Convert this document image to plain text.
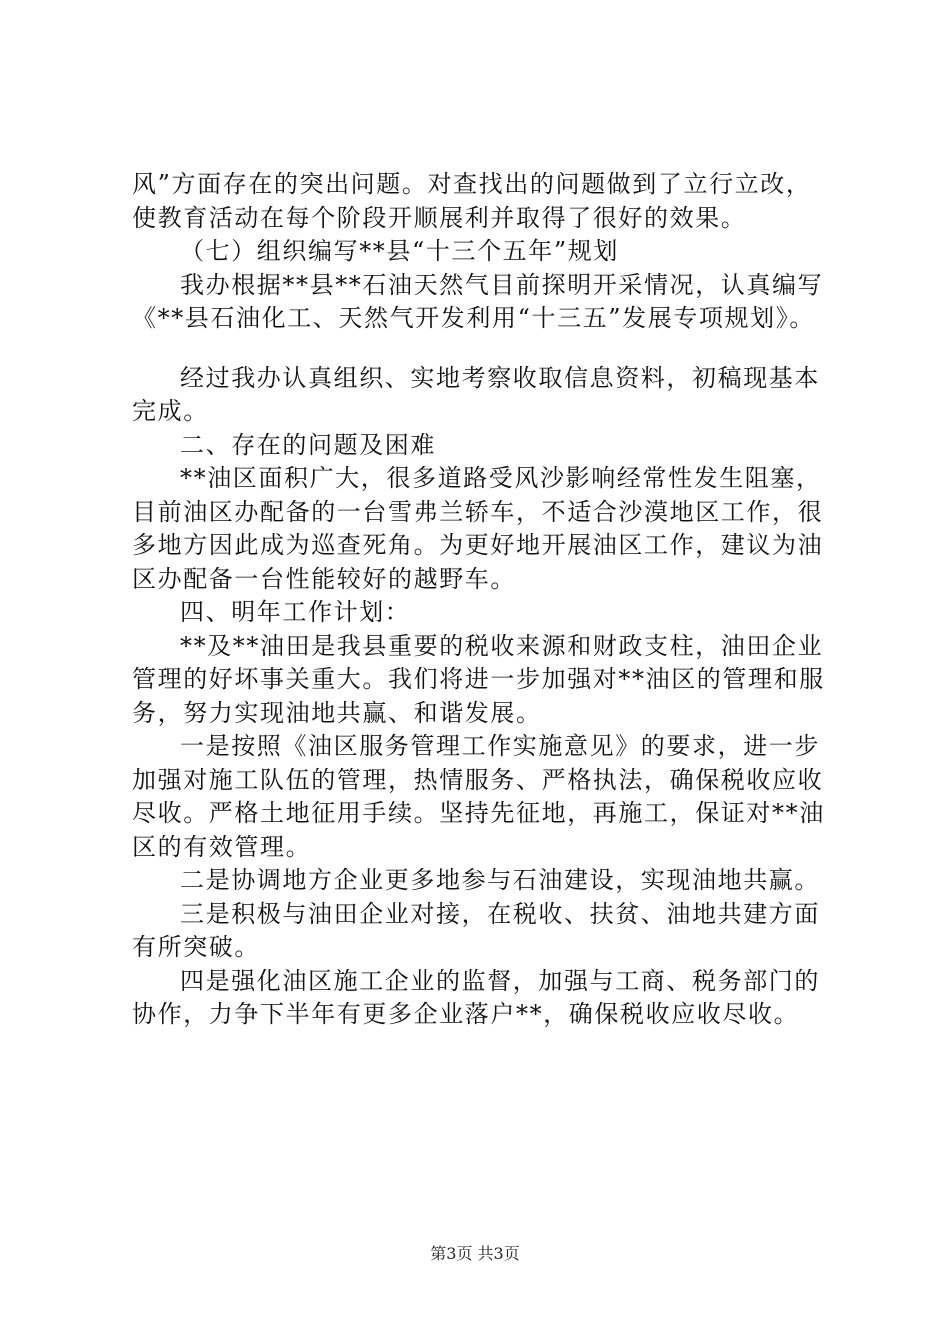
风”方面存在的突出问题。对查找出的问题做到了立行立改，
使教育活动在每个阶段开顺展利并取得了很好的效果。
（七）组织编写**县“十三个五年”规划
我办根据**县**石油天然气目前探明开采情况，认真编写
《**县石油化工、天然气开发利用“十三五”发展专项规划》。
经过我办认真组织、实地考察收取信息资料，初稿现基本
完成。
二、存在的问题及困难
**油区面积广大，很多道路受风沙影响经常性发生阻塞，
目前油区办配备的一台雪弗兰轿车，不适合沙漠地区工作，很
多地方因此成为巡查死角。为更好地开展油区工作，建议为油
区办配备一台性能较好的越野车。
四、明年工作计划：
**及**油田是我县重要的税收来源和财政支柱，油田企业
管理的好坏事关重大。我们将进一步加强对**油区的管理和服
务，努力实现油地共赢、和谐发展。
一是按照《油区服务管理工作实施意见》的要求，进一步
加强对施工队伍的管理，热情服务、严格执法，确保税收应收
尽收。严格土地征用手续。坚持先征地，再施工，保证对**油
区的有效管理。
二是协调地方企业更多地参与石油建设，实现油地共赢。
三是积极与油田企业对接，在税收、扶贫、油地共建方面
有所突破。
四是强化油区施工企业的监督，加强与工商、税务部门的
协作，力争下半年有更多企业落户**，确保税收应收尽收。
第3页 共3页
